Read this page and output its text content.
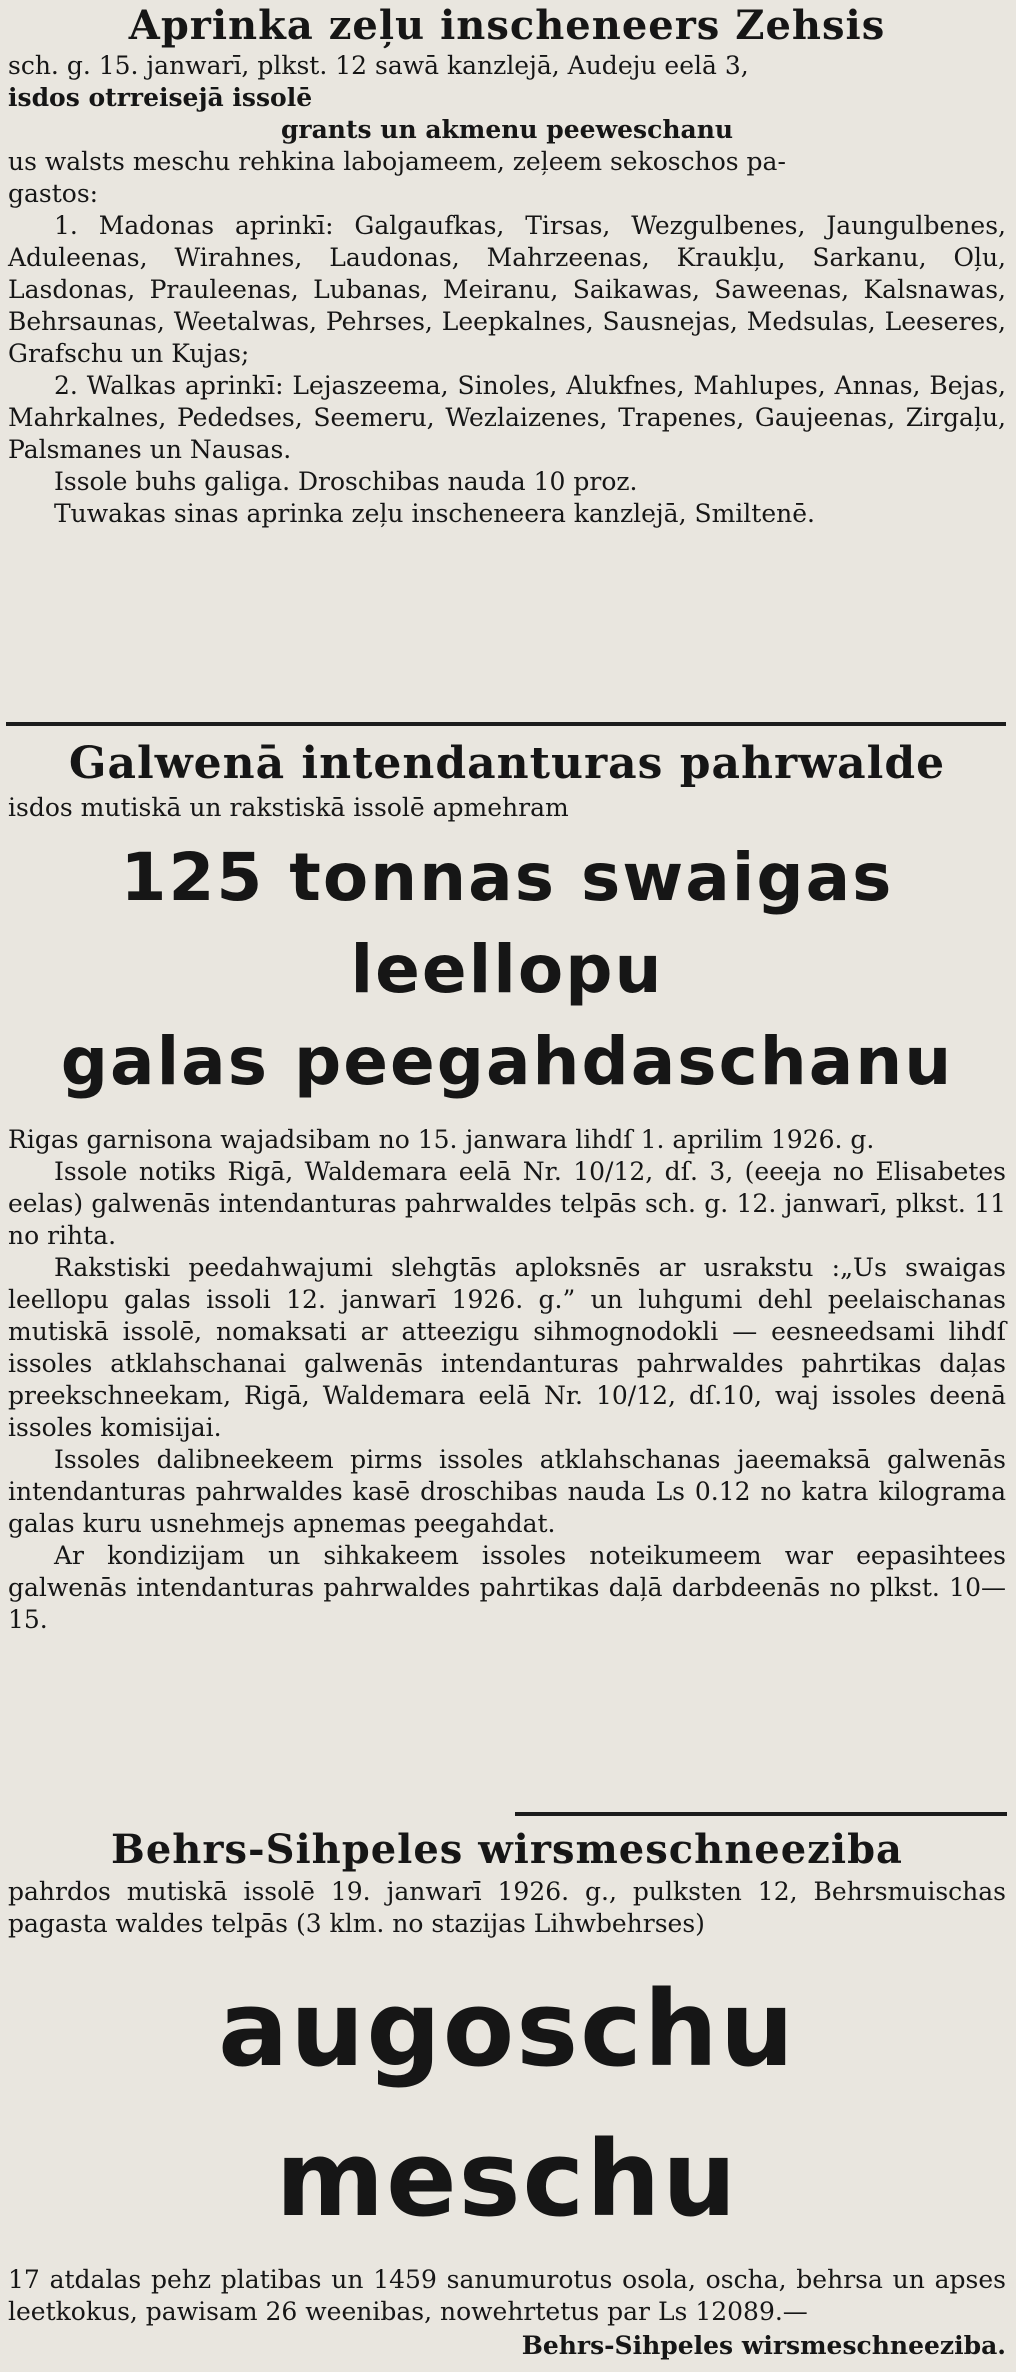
Aprinka zeļu inscheneers Zehsis

sch. g. 15. janwarī, plkst. 12 sawā kanzlejā, Audeju eelā 3,

isdos otrreisejā issolē

grants un akmenu peeweschanu

us walsts meschu rehkina labojameem, zeļeem sekoschos pa-

gastos:

1. Madonas aprinkī: Galgaufkas, Tirsas, Wezgulbenes, Jaungulbenes, Aduleenas, Wirahnes, Laudonas, Mahrzeenas, Kraukļu, Sarkanu, Oļu, Lasdonas, Prauleenas, Lubanas, Meiranu, Saikawas, Saweenas, Kalsnawas, Behrsaunas, Weetalwas, Pehrses, Leepkalnes, Sausnejas, Medsulas, Leeseres, Grafschu un Kujas;

2. Walkas aprinkī: Lejaszeema, Sinoles, Alukfnes, Mahlupes, Annas, Bejas, Mahrkalnes, Pededses, Seemeru, Wezlaizenes, Trapenes, Gaujeenas, Zirgaļu, Palsmanes un Nausas.

Issole buhs galiga. Droschibas nauda 10 proz.

Tuwakas sinas aprinka zeļu inscheneera kanzlejā, Smiltenē.

Galwenā intendanturas pahrwalde

isdos mutiskā un rakstiskā issolē apmehram

125 tonnas swaigas leellopu

galas peegahdaschanu

Rigas garnisona wajadsibam no 15. janwara lihdſ 1. aprilim 1926. g.

Issole notiks Rigā, Waldemara eelā Nr. 10/12, dſ. 3, (eeeja no Elisabetes eelas) galwenās intendanturas pahrwaldes telpās sch. g. 12. janwarī, plkst. 11 no rihta.

Rakstiski peedahwajumi slehgtās aploksnēs ar usrakstu :„Us swaigas leellopu galas issoli 12. janwarī 1926. g.” un luhgumi dehl peelaischanas mutiskā issolē, nomaksati ar atteezigu sihmognodokli — eesneedsami lihdſ issoles atklahschanai galwenās intendanturas pahrwaldes pahrtikas daļas preekschneekam, Rigā, Waldemara eelā Nr. 10/12, dſ.10, waj issoles deenā issoles komisijai.

Issoles dalibneekeem pirms issoles atklahschanas jaeemaksā galwenās intendanturas pahrwaldes kasē droschibas nauda Ls 0.12 no katra kilograma galas kuru usnehmejs apnemas peegahdat.

Ar kondizijam un sihkakeem issoles noteikumeem war eepasihtees galwenās intendanturas pahrwaldes pahrtikas daļā darbdeenās no plkst. 10—15.

Behrs-Sihpeles wirsmeschneeziba

pahrdos mutiskā issolē 19. janwarī 1926. g., pulksten 12, Behrsmuischas pagasta waldes telpās (3 klm. no stazijas Lihwbehrses)

augoschu meschu

17 atdalas pehz platibas un 1459 sanumurotus osola, oscha, behrsa un apses leetkokus, pawisam 26 weenibas, nowehrtetus par Ls 12089.—

Behrs-Sihpeles wirsmeschneeziba.
